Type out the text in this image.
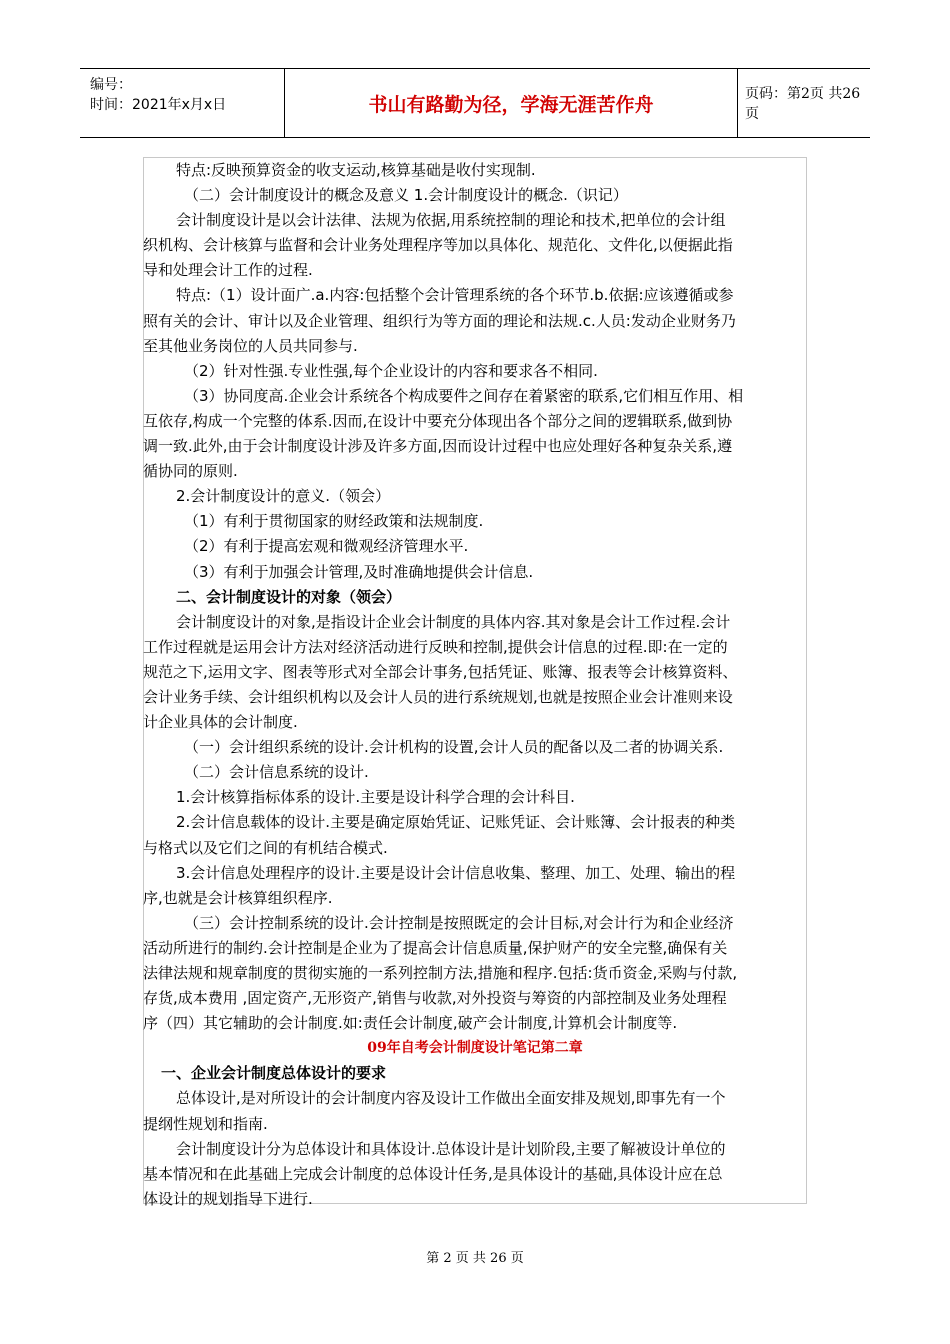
编号：
时间：2021年x月x日	书山有路勤为径，学海无涯苦作舟	页码：第2页 共26页
特点:反映预算资金的收支运动,核算基础是收付实现制.
（二）会计制度设计的概念及意义 1.会计制度设计的概念.（识记）
会计制度设计是以会计法律、法规为依据,用系统控制的理论和技术,把单位的会计组
织机构、会计核算与监督和会计业务处理程序等加以具体化、规范化、文件化,以便据此指
导和处理会计工作的过程.
特点:（1）设计面广.a.内容:包括整个会计管理系统的各个环节.b.依据:应该遵循或参
照有关的会计、审计以及企业管理、组织行为等方面的理论和法规.c.人员:发动企业财务乃
至其他业务岗位的人员共同参与.
（2）针对性强.专业性强,每个企业设计的内容和要求各不相同.
（3）协同度高.企业会计系统各个构成要件之间存在着紧密的联系,它们相互作用、相
互依存,构成一个完整的体系.因而,在设计中要充分体现出各个部分之间的逻辑联系,做到协
调一致.此外,由于会计制度设计涉及许多方面,因而设计过程中也应处理好各种复杂关系,遵
循协同的原则.
2.会计制度设计的意义.（领会）
（1）有利于贯彻国家的财经政策和法规制度.
（2）有利于提高宏观和微观经济管理水平.
（3）有利于加强会计管理,及时准确地提供会计信息.
二、会计制度设计的对象（领会）
会计制度设计的对象,是指设计企业会计制度的具体内容.其对象是会计工作过程.会计
工作过程就是运用会计方法对经济活动进行反映和控制,提供会计信息的过程.即:在一定的
规范之下,运用文字、图表等形式对全部会计事务,包括凭证、账簿、报表等会计核算资料、
会计业务手续、会计组织机构以及会计人员的进行系统规划,也就是按照企业会计准则来设
计企业具体的会计制度.
（一）会计组织系统的设计.会计机构的设置,会计人员的配备以及二者的协调关系.
（二）会计信息系统的设计.
1.会计核算指标体系的设计.主要是设计科学合理的会计科目.
2.会计信息载体的设计.主要是确定原始凭证、记账凭证、会计账簿、会计报表的种类
与格式以及它们之间的有机结合模式.
3.会计信息处理程序的设计.主要是设计会计信息收集、整理、加工、处理、输出的程
序,也就是会计核算组织程序.
（三）会计控制系统的设计.会计控制是按照既定的会计目标,对会计行为和企业经济
活动所进行的制约.会计控制是企业为了提高会计信息质量,保护财产的安全完整,确保有关
法律法规和规章制度的贯彻实施的一系列控制方法,措施和程序.包括:货币资金,采购与付款,
存货,成本费用 ,固定资产,无形资产,销售与收款,对外投资与筹资的内部控制及业务处理程
序（四）其它辅助的会计制度.如:责任会计制度,破产会计制度,计算机会计制度等.
09年自考会计制度设计笔记第二章
一、企业会计制度总体设计的要求
总体设计,是对所设计的会计制度内容及设计工作做出全面安排及规划,即事先有一个
提纲性规划和指南.
会计制度设计分为总体设计和具体设计.总体设计是计划阶段,主要了解被设计单位的
基本情况和在此基础上完成会计制度的总体设计任务,是具体设计的基础,具体设计应在总
体设计的规划指导下进行.
第 2 页 共 26 页
